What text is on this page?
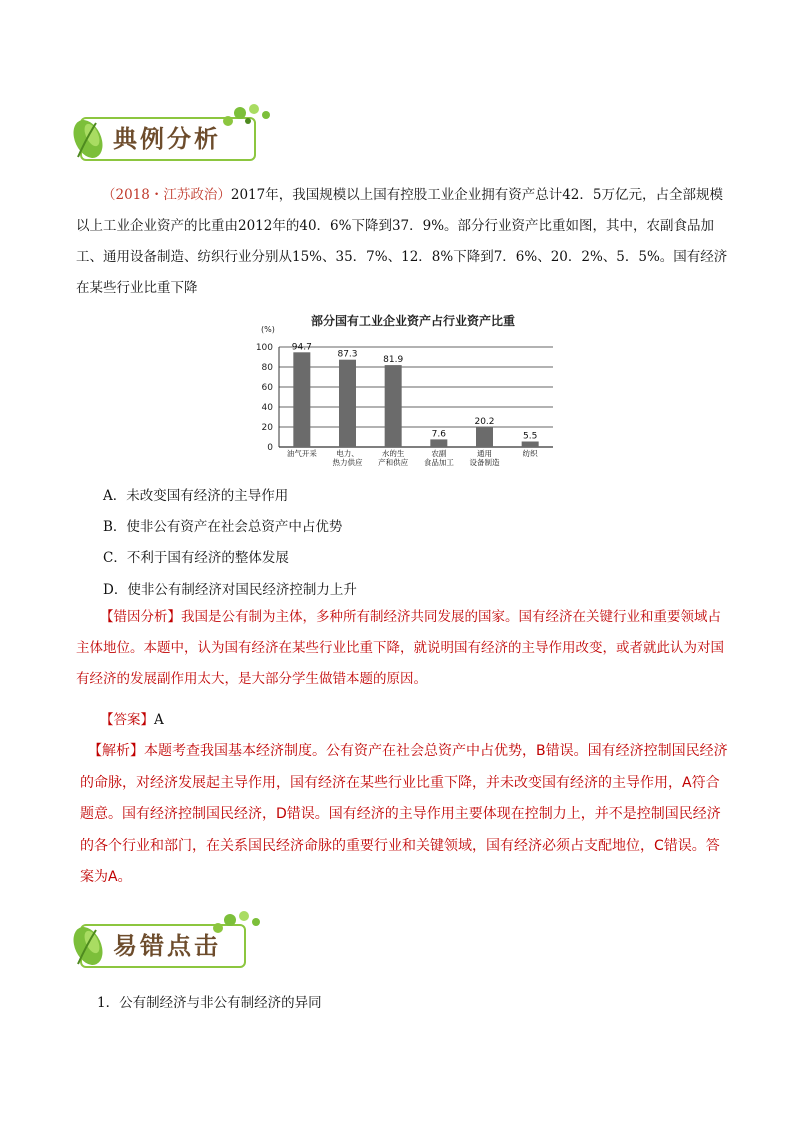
典例分析

（2018・江苏政治）2017年，我国规模以上国有控股工业企业拥有资产总计42．5万亿元，占全部规模以上工业企业资产的比重由2012年的40．6%下降到37．9%。部分行业资产比重如图，其中，农副食品加工、通用设备制造、纺织行业分别从15%、35．7%、12．8%下降到7．6%、20．2%、5．5%。国有经济在某些行业比重下降

部分国有工业企业资产占行业资产比重
(%)
0
20
40
60
80
100 94.7
油气开采
87.3
电力、
热力供应
81.9
水的生
产和供应
7.6
农副
食品加工
20.2
通用
设备制造
5.5
纺织
A．未改变国有经济的主导作用
B．使非公有资产在社会总资产中占优势
C．不利于国有经济的整体发展
D．使非公有制经济对国民经济控制力上升

【错因分析】我国是公有制为主体，多种所有制经济共同发展的国家。国有经济在关键行业和重要领域占主体地位。本题中，认为国有经济在某些行业比重下降，就说明国有经济的主导作用改变，或者就此认为对国有经济的发展副作用太大，是大部分学生做错本题的原因。

【答案】A

【解析】本题考查我国基本经济制度。公有资产在社会总资产中占优势，B错误。国有经济控制国民经济的命脉，对经济发展起主导作用，国有经济在某些行业比重下降，并未改变国有经济的主导作用，A符合题意。国有经济控制国民经济，D错误。国有经济的主导作用主要体现在控制力上，并不是控制国民经济的各个行业和部门，在关系国民经济命脉的重要行业和关键领域，国有经济必须占支配地位，C错误。答案为A。

易错点击
1．公有制经济与非公有制经济的异同
